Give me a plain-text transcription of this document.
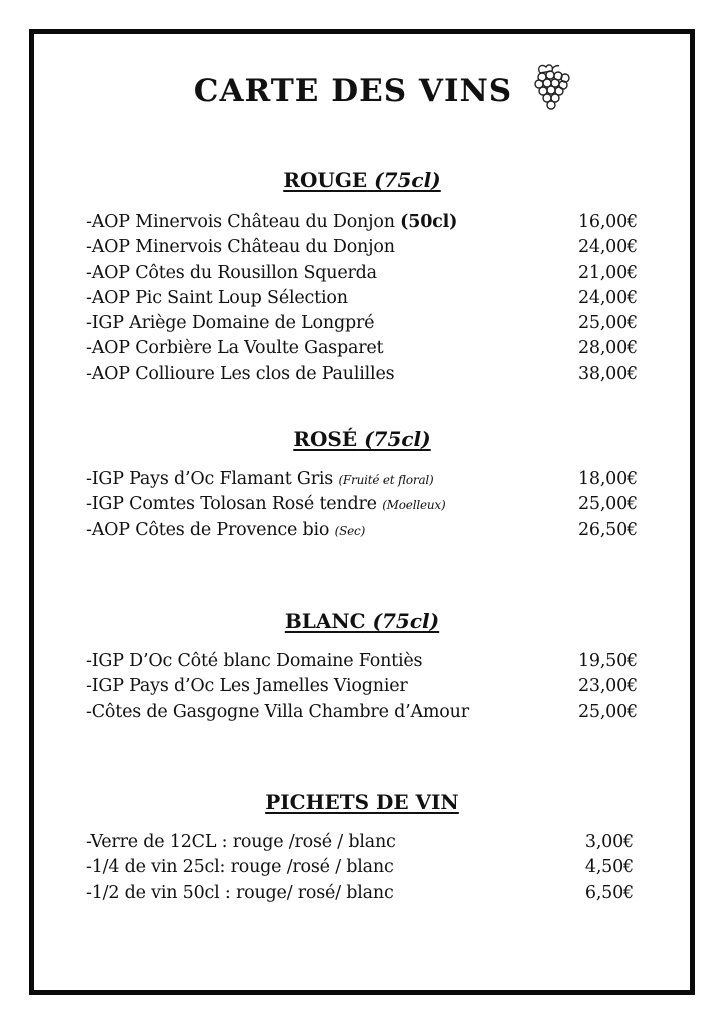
CARTE DES VINS
ROUGE (75cl)
-AOP Minervois Château du Donjon (50cl)	16,00€
-AOP Minervois Château du Donjon	24,00€
-AOP Côtes du Rousillon Squerda	21,00€
-AOP Pic Saint Loup Sélection	24,00€
-IGP Ariège Domaine de Longpré	25,00€
-AOP Corbière La Voulte Gasparet	28,00€
-AOP Collioure Les clos de Paulilles	38,00€
ROSÉ (75cl)
-IGP Pays d’Oc Flamant Gris (Fruité et floral)	18,00€
-IGP Comtes Tolosan Rosé tendre (Moelleux)	25,00€
-AOP Côtes de Provence bio (Sec)	26,50€
BLANC (75cl)
-IGP D’Oc Côté blanc Domaine Fontiès	19,50€
-IGP Pays d’Oc Les Jamelles Viognier	23,00€
-Côtes de Gasgogne Villa Chambre d’Amour	25,00€
PICHETS DE VIN
-Verre de 12CL : rouge /rosé / blanc	3,00€
-1/4 de vin 25cl: rouge /rosé / blanc	4,50€
-1/2 de vin 50cl : rouge/ rosé/ blanc	6,50€
